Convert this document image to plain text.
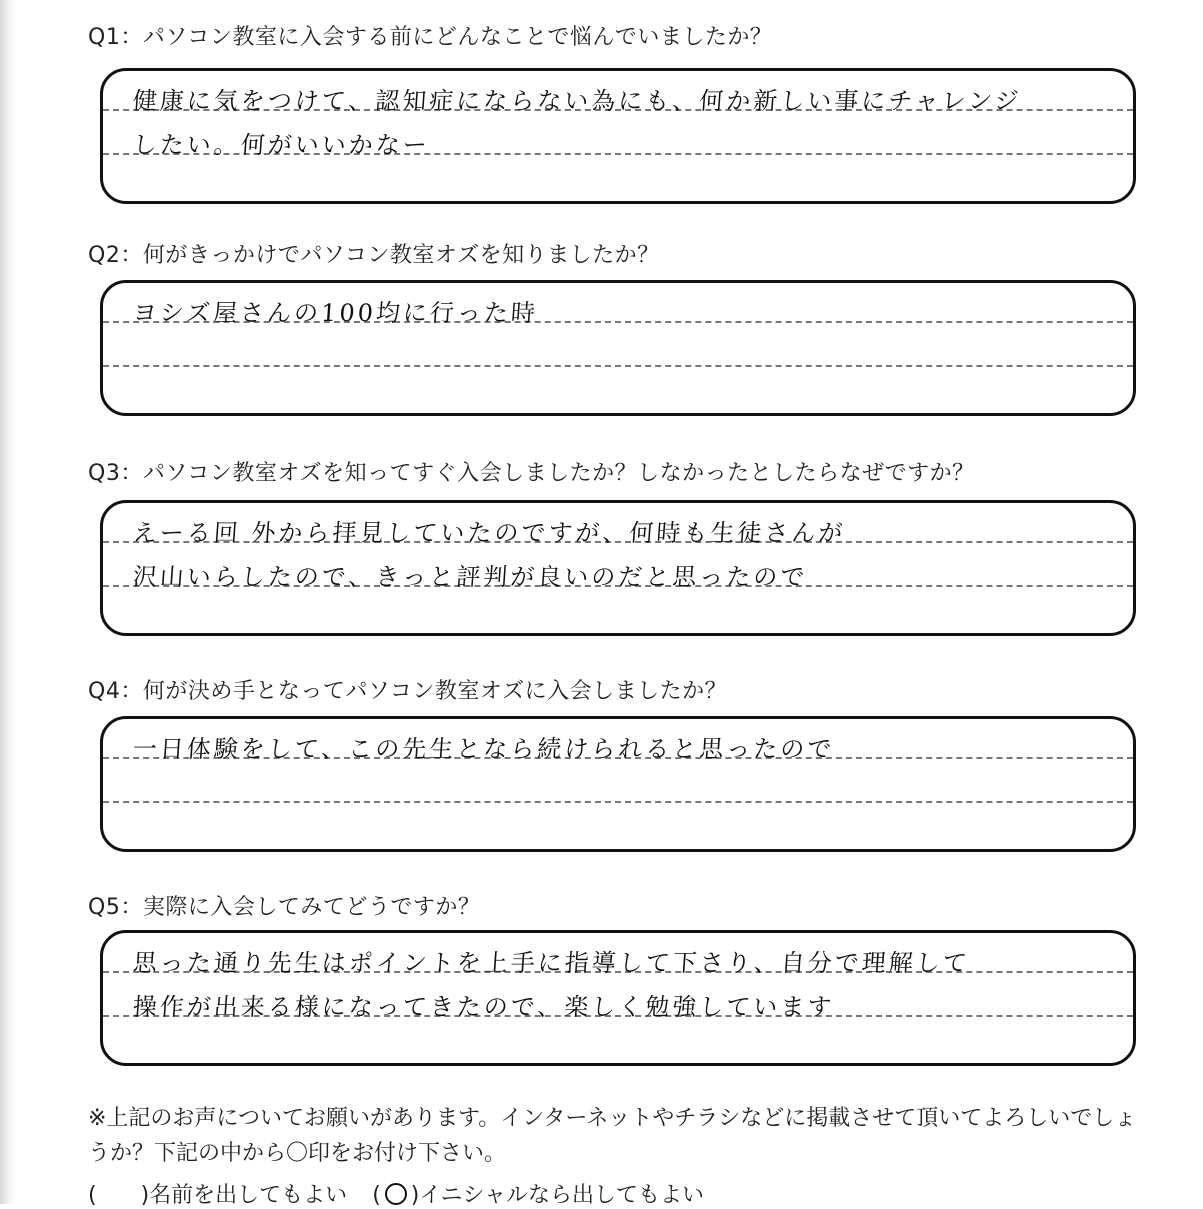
Q1：パソコン教室に入会する前にどんなことで悩んでいましたか？
健康に気をつけて、認知症にならない為にも、何か新しい事にチャレンジ
したい。何がいいかなー
Q2：何がきっかけでパソコン教室オズを知りましたか？
ヨシズ屋さんの100均に行った時
Q3：パソコン教室オズを知ってすぐ入会しましたか？しなかったとしたらなぜですか？
えーる回 外から拝見していたのですが、何時も生徒さんが
沢山いらしたので、きっと評判が良いのだと思ったので
Q4：何が決め手となってパソコン教室オズに入会しましたか？
一日体験をして、この先生となら続けられると思ったので
Q5：実際に入会してみてどうですか？
思った通り先生はポイントを上手に指導して下さり、自分で理解して
操作が出来る様になってきたので、楽しく勉強しています
※上記のお声についてお願いがあります。インターネットやチラシなどに掲載させて頂いてよろしいでしょうか？下記の中から〇印をお付け下さい。
(　　)名前を出してもよい ( )イニシャルなら出してもよい
